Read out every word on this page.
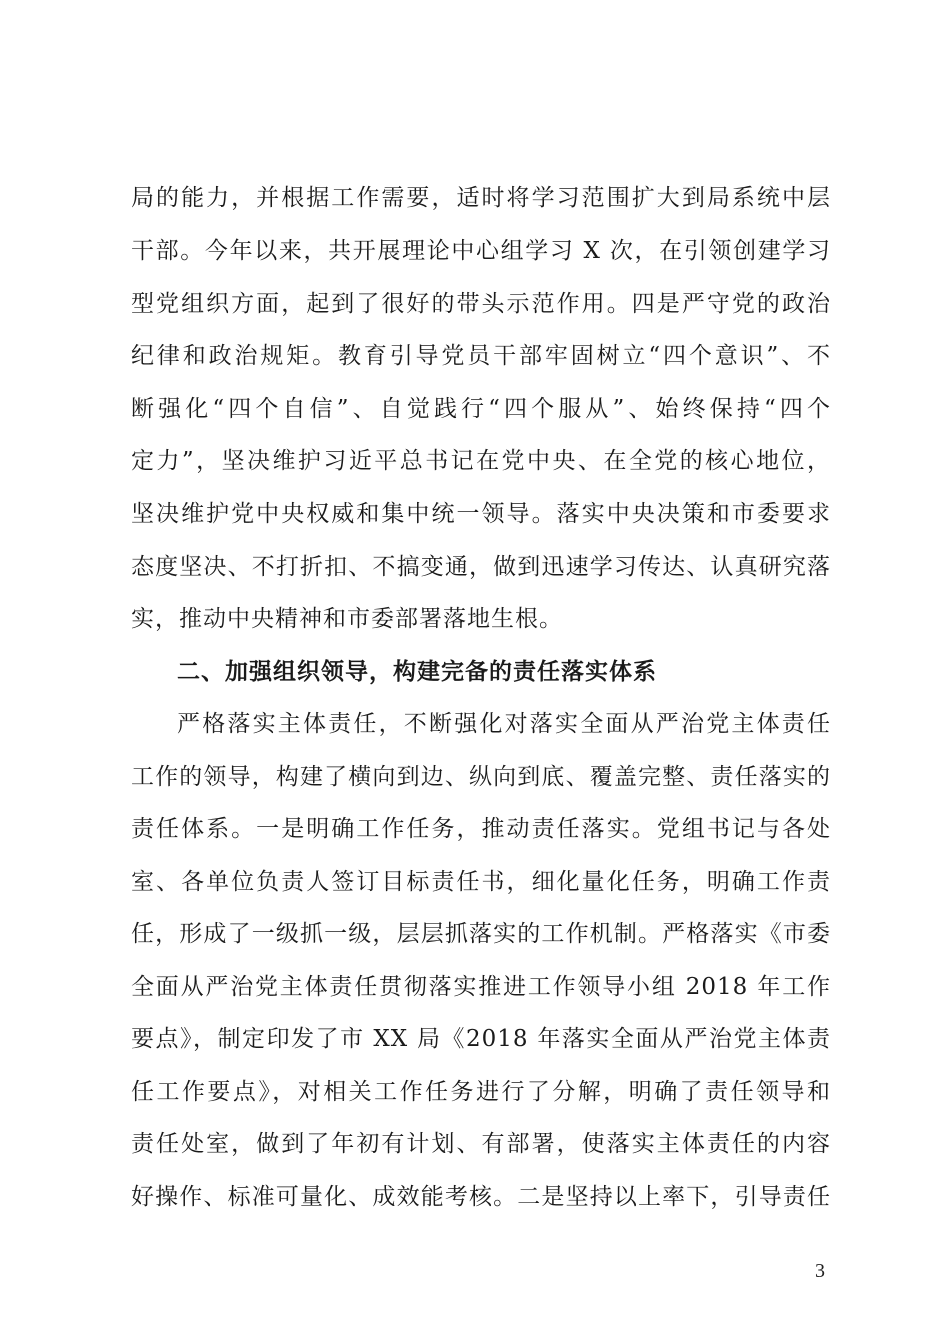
局的能力，并根据工作需要，适时将学习范围扩大到局系统中层
干部。今年以来，共开展理论中心组学习 X 次，在引领创建学习
型党组织方面，起到了很好的带头示范作用。四是严守党的政治
纪律和政治规矩。教育引导党员干部牢固树立“四个意识”、不
断强化“四个自信”、自觉践行“四个服从”、始终保持“四个
定力”，坚决维护习近平总书记在党中央、在全党的核心地位，
坚决维护党中央权威和集中统一领导。落实中央决策和市委要求
态度坚决、不打折扣、不搞变通，做到迅速学习传达、认真研究落
实，推动中央精神和市委部署落地生根。
二、加强组织领导，构建完备的责任落实体系
严格落实主体责任，不断强化对落实全面从严治党主体责任
工作的领导，构建了横向到边、纵向到底、覆盖完整、责任落实的
责任体系。一是明确工作任务，推动责任落实。党组书记与各处
室、各单位负责人签订目标责任书，细化量化任务，明确工作责
任，形成了一级抓一级，层层抓落实的工作机制。严格落实《市委
全面从严治党主体责任贯彻落实推进工作领导小组 2018 年工作
要点》，制定印发了市 XX 局《2018 年落实全面从严治党主体责
任工作要点》，对相关工作任务进行了分解，明确了责任领导和
责任处室，做到了年初有计划、有部署，使落实主体责任的内容
好操作、标准可量化、成效能考核。二是坚持以上率下，引导责任
3
